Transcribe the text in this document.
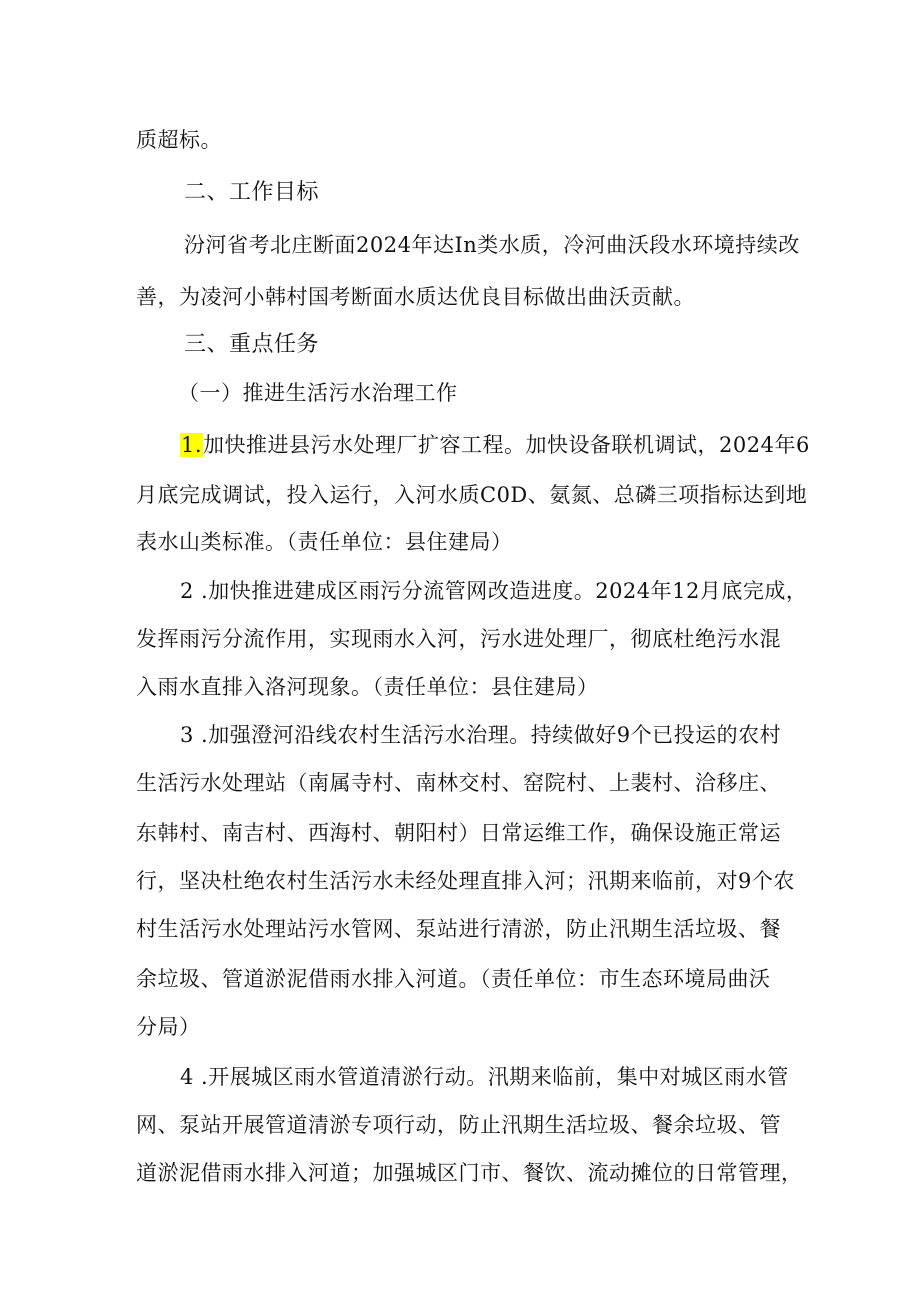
质超标。
二、工作目标
汾河省考北庄断面2024年达In类水质，冷河曲沃段水环境持续改
善，为凌河小韩村国考断面水质达优良目标做出曲沃贡献。
三、重点任务
（一）推进生活污水治理工作
1.加快推进县污水处理厂扩容工程。加快设备联机调试，2024年6
月底完成调试，投入运行，入河水质C0D、氨氮、总磷三项指标达到地
表水山类标准。（责任单位：县住建局）
2 .加快推进建成区雨污分流管网改造进度。2024年12月底完成，
发挥雨污分流作用，实现雨水入河，污水进处理厂，彻底杜绝污水混
入雨水直排入洛河现象。（责任单位：县住建局）
3 .加强澄河沿线农村生活污水治理。持续做好9个已投运的农村
生活污水处理站（南属寺村、南林交村、窑院村、上裴村、洽移庄、
东韩村、南吉村、西海村、朝阳村）日常运维工作，确保设施正常运
行，坚决杜绝农村生活污水未经处理直排入河；汛期来临前，对9个农
村生活污水处理站污水管网、泵站进行清淤，防止汛期生活垃圾、餐
余垃圾、管道淤泥借雨水排入河道。（责任单位：市生态环境局曲沃
分局）
4 .开展城区雨水管道清淤行动。汛期来临前，集中对城区雨水管
网、泵站开展管道清淤专项行动，防止汛期生活垃圾、餐余垃圾、管
道淤泥借雨水排入河道；加强城区门市、餐饮、流动摊位的日常管理，
